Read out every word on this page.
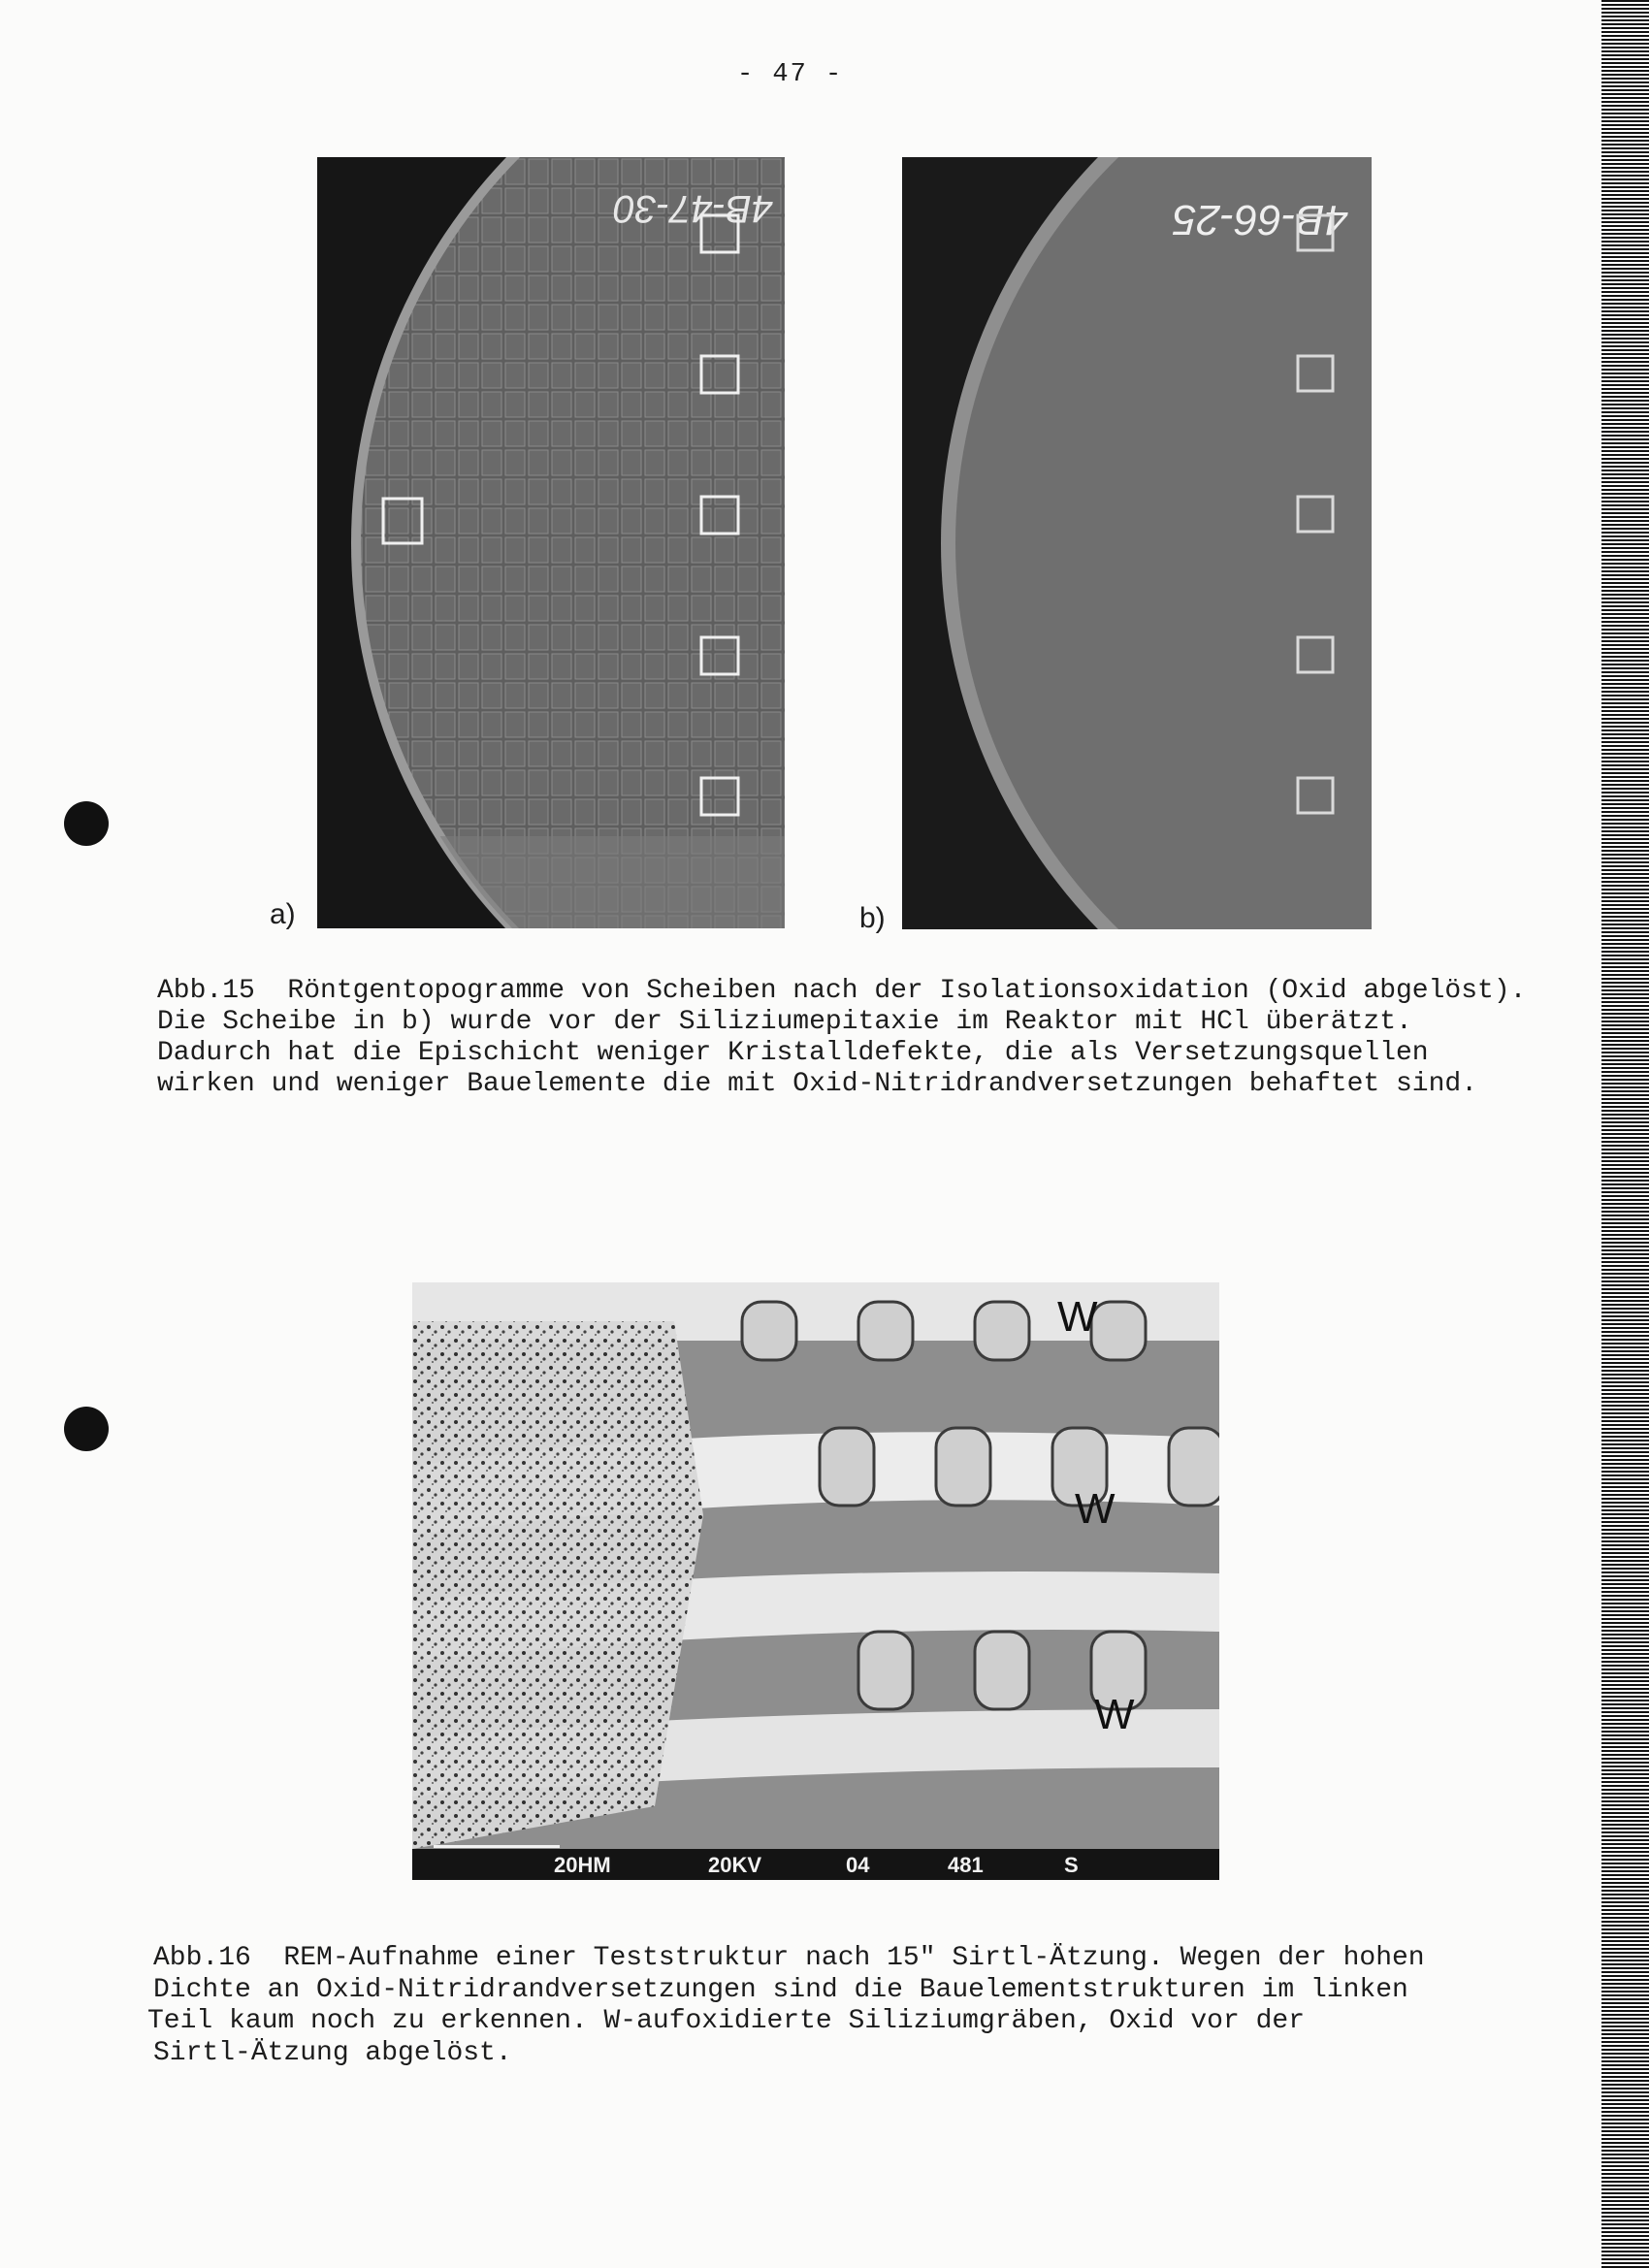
- 47 -
4B-47-30
a)
4B-66-25
b)

Abb.15  Röntgentopogramme von Scheiben nach der Isolationsoxidation (Oxid abgelöst).

Die Scheibe in b) wurde vor der Siliziumepitaxie im Reaktor mit HCl überätzt.

Dadurch hat die Epischicht weniger Kristalldefekte, die als Versetzungsquellen

wirken und weniger Bauelemente die mit Oxid-Nitridrandversetzungen behaftet sind.

W
W
W
20HM	20KV	04	481	S

Abb.16  REM-Aufnahme einer Teststruktur nach 15" Sirtl-Ätzung. Wegen der hohen

Dichte an Oxid-Nitridrandversetzungen sind die Bauelementstrukturen im linken

Teil kaum noch zu erkennen. W-aufoxidierte Siliziumgräben, Oxid vor der

Sirtl-Ätzung abgelöst.
